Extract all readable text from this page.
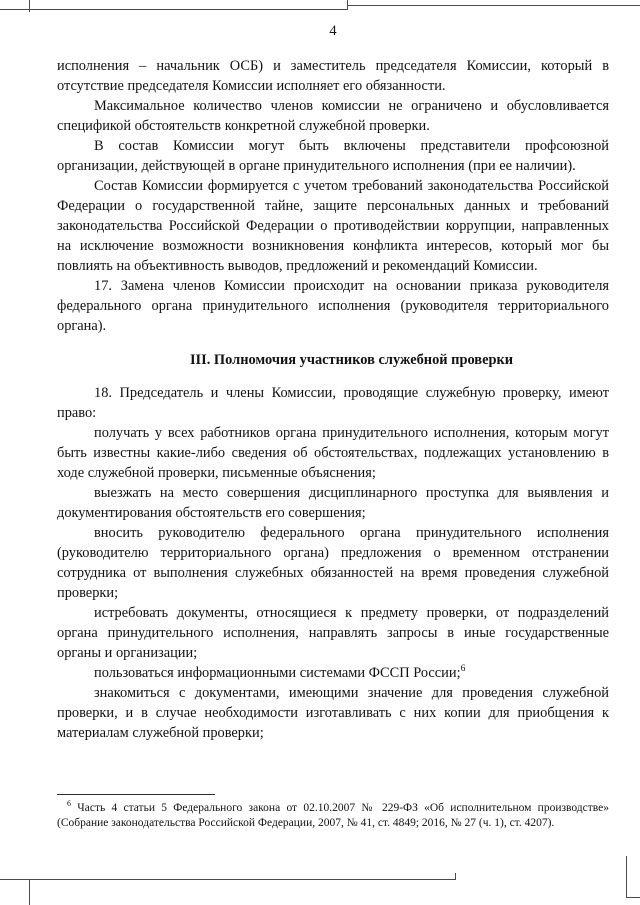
4

исполнения – начальник ОСБ) и заместитель председателя Комиссии, который в отсутствие председателя Комиссии исполняет его обязанности.

Максимальное количество членов комиссии не ограничено и обусловливается спецификой обстоятельств конкретной служебной проверки.

В состав Комиссии могут быть включены представители профсоюзной организации, действующей в органе принудительного исполнения (при ее наличии).

Состав Комиссии формируется с учетом требований законодательства Российской Федерации о государственной тайне, защите персональных данных и требований законодательства Российской Федерации о противодействии коррупции, направленных на исключение возможности возникновения конфликта интересов, который мог бы повлиять на объективность выводов, предложений и рекомендаций Комиссии.

17. Замена членов Комиссии происходит на основании приказа руководителя федерального органа принудительного исполнения (руководителя территориального органа).

III. Полномочия участников служебной проверки

18. Председатель и члены Комиссии, проводящие служебную проверку, имеют право:

получать у всех работников органа принудительного исполнения, которым могут быть известны какие-либо сведения об обстоятельствах, подлежащих установлению в ходе служебной проверки, письменные объяснения;

выезжать на место совершения дисциплинарного проступка для выявления и документирования обстоятельств его совершения;

вносить руководителю федерального органа принудительного исполнения (руководителю территориального органа) предложения о временном отстранении сотрудника от выполнения служебных обязанностей на время проведения служебной проверки;

истребовать документы, относящиеся к предмету проверки, от подразделений органа принудительного исполнения, направлять запросы в иные государственные органы и организации;

пользоваться информационными системами ФССП России;$^6$

знакомиться с документами, имеющими значение для проведения служебной проверки, и в случае необходимости изготавливать с них копии для приобщения к материалам служебной проверки;

$^6$ Часть 4 статьи 5 Федерального закона от 02.10.2007 № 229-ФЗ «Об исполнительном производстве» (Собрание законодательства Российской Федерации, 2007, № 41, ст. 4849; 2016, № 27 (ч. 1), ст. 4207).
